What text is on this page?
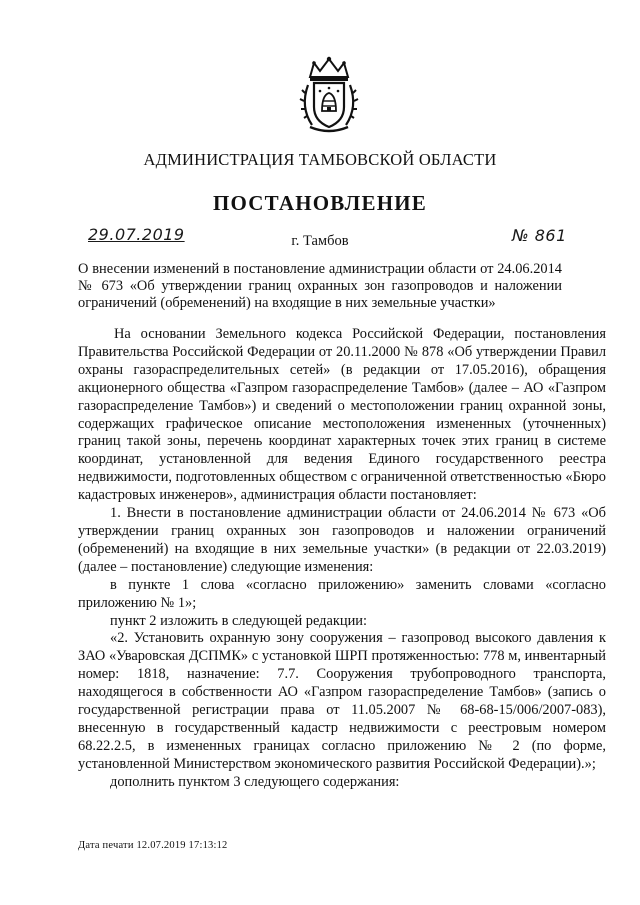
АДМИНИСТРАЦИЯ ТАМБОВСКОЙ ОБЛАСТИ
ПОСТАНОВЛЕНИЕ
29.07.2019	г. Тамбов	№ 861
О внесении изменений в постановление администрации области от 24.06.2014 № 673 «Об утверждении границ охранных зон газопроводов и наложении ограничений (обременений) на входящие в них земельные участки»

На основании Земельного кодекса Российской Федерации, постановления Правительства Российской Федерации от 20.11.2000 № 878 «Об утверждении Правил охраны газораспределительных сетей» (в редакции от 17.05.2016), обращения акционерного общества «Газпром газораспределение Тамбов» (далее – АО «Газпром газораспределение Тамбов») и сведений о местоположении границ охранной зоны, содержащих графическое описание местоположения измененных (уточненных) границ такой зоны, перечень координат характерных точек этих границ в системе координат, установленной для ведения Единого государственного реестра недвижимости, подготовленных обществом с ограниченной ответственностью «Бюро кадастровых инженеров», администрация области постановляет:

1. Внести в постановление администрации области от 24.06.2014 № 673 «Об утверждении границ охранных зон газопроводов и наложении ограничений (обременений) на входящие в них земельные участки» (в редакции от 22.03.2019) (далее – постановление) следующие изменения:

в пункте 1 слова «согласно приложению» заменить словами «согласно приложению № 1»;

пункт 2 изложить в следующей редакции:

«2. Установить охранную зону сооружения – газопровод высокого давления к ЗАО «Уваровская ДСПМК» с установкой ШРП протяженностью: 778 м, инвентарный номер: 1818, назначение: 7.7. Сооружения трубопроводного транспорта, находящегося в собственности АО «Газпром газораспределение Тамбов» (запись о государственной регистрации права от 11.05.2007 № 68-68-15/006/2007-083), внесенную в государственный кадастр недвижимости с реестровым номером 68.22.2.5, в измененных границах согласно приложению № 2 (по форме, установленной Министерством экономического развития Российской Федерации).»;

дополнить пунктом 3 следующего содержания:

Дата печати 12.07.2019 17:13:12
